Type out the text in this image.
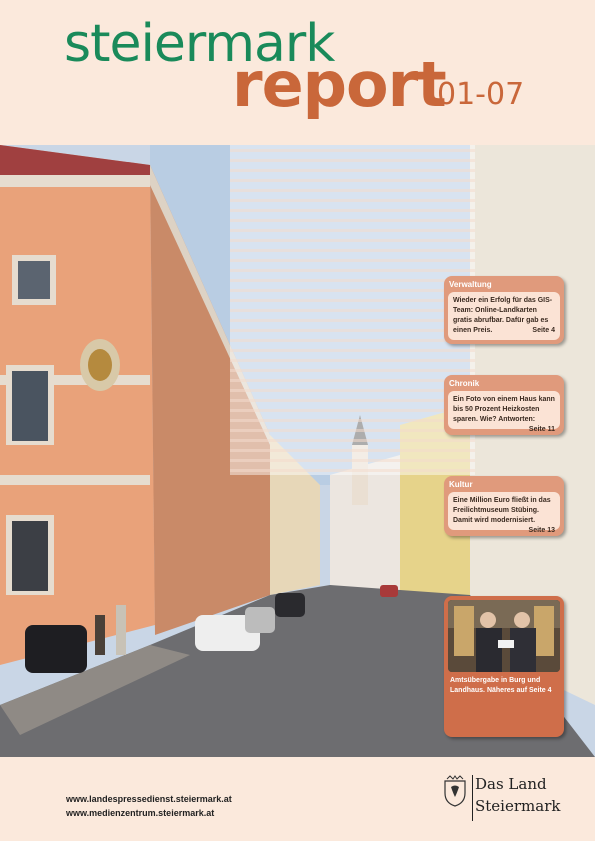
steiermark
report
01-07
Verwaltung
Wieder ein Erfolg für das GIS-Team: Online-Landkarten gratis abrufbar. Dafür gab es einen Preis.	Seite 4
Chronik
Ein Foto von einem Haus kann bis 50 Prozent Heizkosten sparen. Wie? Antworten:
Seite 11
Kultur
Eine Million Euro fließt in das Freilichtmuseum Stübing. Damit wird modernisiert.
Seite 13
Amtsübergabe in Burg und Landhaus. Näheres auf Seite 4
www.landespressedienst.steiermark.at
www.medienzentrum.steiermark.at
Das Land
Steiermark
